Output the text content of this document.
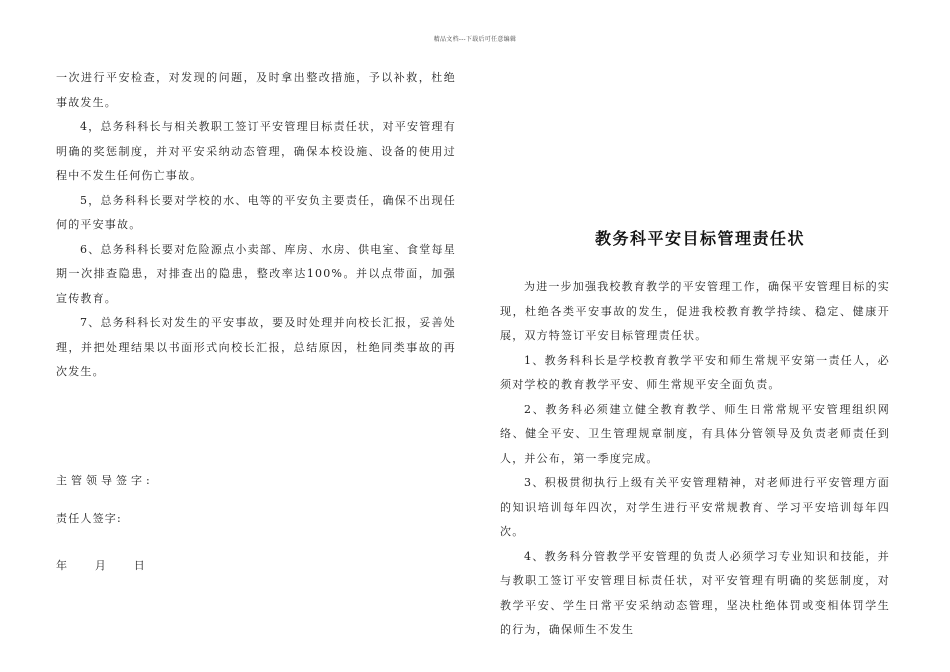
精品文档---下载后可任意编辑

一次进行平安检查，对发现的问题，及时拿出整改措施，予以补救，杜绝事故发生。

4，总务科科长与相关教职工签订平安管理目标责任状，对平安管理有明确的奖惩制度，并对平安采纳动态管理，确保本校设施、设备的使用过程中不发生任何伤亡事故。

5，总务科科长要对学校的水、电等的平安负主要责任，确保不出现任何的平安事故。

6、总务科科长要对危险源点小卖部、库房、水房、供电室、食堂每星期一次排查隐患，对排查出的隐患，整改率达100%。并以点带面，加强宣传教育。

7、总务科科长对发生的平安事故，要及时处理并向校长汇报，妥善处理，并把处理结果以书面形式向校长汇报，总结原因，杜绝同类事故的再次发生。

主管领导签字:
责任人签字:
年 月 日
教务科平安目标管理责任状

为进一步加强我校教育教学的平安管理工作，确保平安管理目标的实现，杜绝各类平安事故的发生，促进我校教育教学持续、稳定、健康开展，双方特签订平安目标管理责任状。

1、教务科科长是学校教育教学平安和师生常规平安第一责任人，必须对学校的教育教学平安、师生常规平安全面负责。

2、教务科必须建立健全教育教学、师生日常常规平安管理组织网络、健全平安、卫生管理规章制度，有具体分管领导及负责老师责任到人，并公布，第一季度完成。

3、积极贯彻执行上级有关平安管理精神，对老师进行平安管理方面的知识培训每年四次，对学生进行平安常规教育、学习平安培训每年四次。

4、教务科分管教学平安管理的负责人必须学习专业知识和技能，并与教职工签订平安管理目标责任状，对平安管理有明确的奖惩制度，对教学平安、学生日常平安采纳动态管理，坚决杜绝体罚或变相体罚学生的行为，确保师生不发生
